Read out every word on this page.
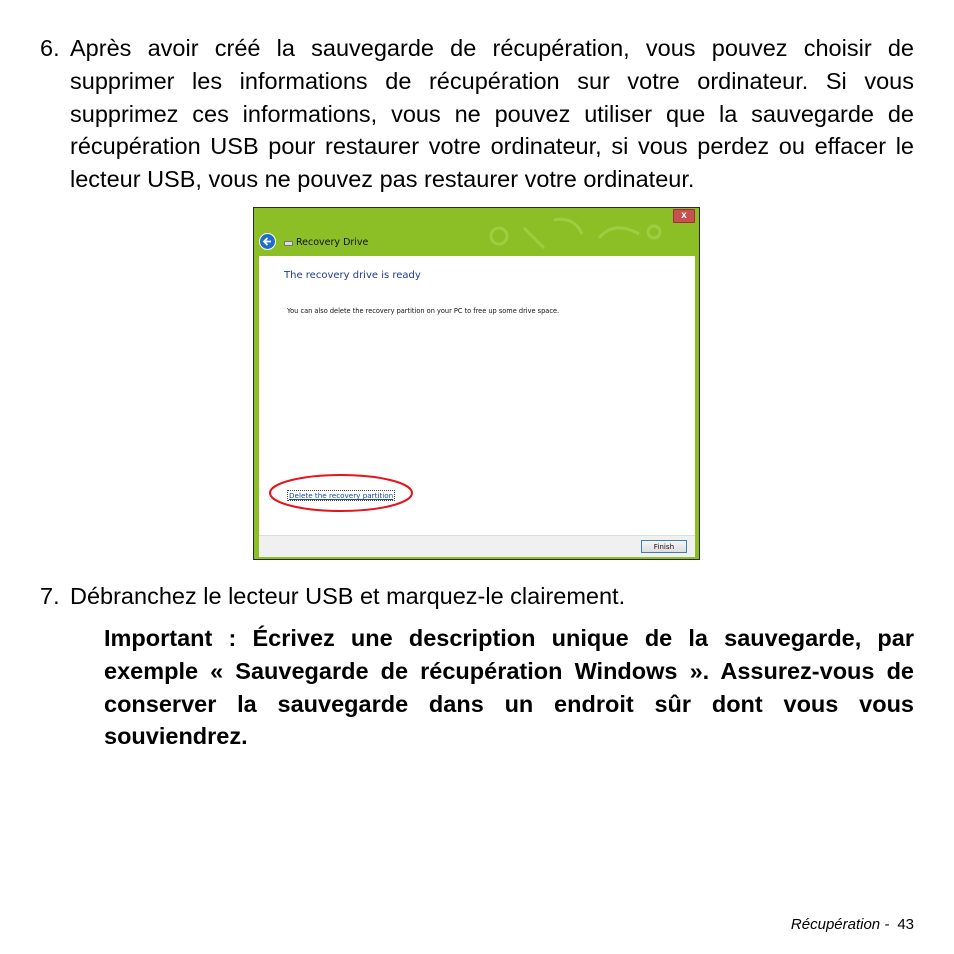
6. Après avoir créé la sauvegarde de récupération, vous pouvez choisir de supprimer les informations de récupération sur votre ordinateur. Si vous supprimez ces informations, vous ne pouvez utiliser que la sauvegarde de récupération USB pour restaurer votre ordinateur, si vous perdez ou effacer le lecteur USB, vous ne pouvez pas restaurer votre ordinateur.
x
Recovery Drive
The recovery drive is ready
You can also delete the recovery partition on your PC to free up some drive space.
Delete the recovery partition
Finish
7. Débranchez le lecteur USB et marquez-le clairement.
Important : Écrivez une description unique de la sauvegarde, par exemple « Sauvegarde de récupération Windows ». Assurez-vous de conserver la sauvegarde dans un endroit sûr dont vous vous souviendrez.
Récupération - 43
